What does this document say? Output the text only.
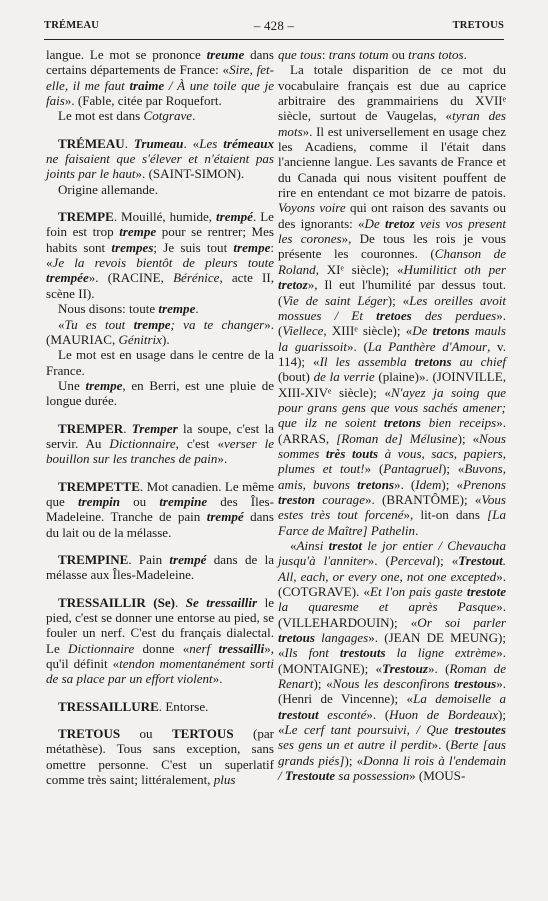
TRÉMEAU	– 428 –	TRETOUS

langue. Le mot se prononce treume dans certains départements de France: «Sire, fet-elle, il me faut traime / À une toile que je fais». (Fable, citée par Roquefort.

Le mot est dans Cotgrave.

TRÉMEAU. Trumeau. «Les trémeaux ne faisaient que s'élever et n'étaient pas joints par le haut». (SAINT-SIMON).

Origine allemande.

TREMPE. Mouillé, humide, trempé. Le foin est trop trempe pour se rentrer; Mes habits sont trempes; Je suis tout trempe: «Je la revois bientôt de pleurs toute trempée». (RACINE, Bérénice, acte II, scène II).

Nous disons: toute trempe.

«Tu es tout trempe; va te changer». (MAURIAC, Génitrix).

Le mot est en usage dans le centre de la France.

Une trempe, en Berri, est une pluie de longue durée.

TREMPER. Tremper la soupe, c'est la servir. Au Dictionnaire, c'est «verser le bouillon sur les tranches de pain».

TREMPETTE. Mot canadien. Le même que trempin ou trempine des Îles-Madeleine. Tranche de pain trempé dans du lait ou de la mélasse.

TREMPINE. Pain trempé dans de la mélasse aux Îles-Madeleine.

TRESSAILLIR (Se). Se tressaillir le pied, c'est se donner une entorse au pied, se fouler un nerf. C'est du français dialectal. Le Dictionnaire donne «nerf tressailli», qu'il définit «tendon momentanément sorti de sa place par un effort violent».

TRESSAILLURE. Entorse.

TRETOUS ou TERTOUS (par métathèse). Tous sans exception, sans omettre personne. C'est un superlatif comme très saint; littéralement, plus

que tous: trans totum ou trans totos.

La totale disparition de ce mot du vocabulaire français est due au caprice arbitraire des grammairiens du XVIIᵉ siècle, surtout de Vaugelas, «tyran des mots». Il est universellement en usage chez les Acadiens, comme il l'était dans l'ancienne langue. Les savants de France et du Canada qui nous visitent pouffent de rire en entendant ce mot bizarre de patois. Voyons voire qui ont raison des savants ou des ignorants: «De tretoz veis vos present les corones», De tous les rois je vous présente les couronnes. (Chanson de Roland, XIᵉ siècle); «Humilitict oth per tretoz», Il eut l'humilité par dessus tout. (Vie de saint Léger); «Les oreilles avoit mossues / Et tretoes des perdues». (Viellece, XIIIᵉ siècle); «De tretons mauls la guarissoit». (La Panthère d'Amour, v. 114); «Il les assembla tretons au chief (bout) de la verrie (plaine)». (JOINVILLE, XIII-XIVᵉ siècle); «N'ayez ja soing que pour grans gens que vous sachés amener; que ilz ne soient tretons bien receips». (ARRAS, [Roman de] Mélusine); «Nous sommes très touts à vous, sacs, papiers, plumes et tout!» (Pantagruel); «Buvons, amis, buvons tretons». (Idem); «Prenons treston courage». (BRANTÔME); «Vous estes très tout forcené», lit-on dans [La Farce de Maître] Pathelin.

«Ainsi trestot le jor entier / Chevaucha jusqu'à l'anniter». (Perceval); «Trestout. All, each, or every one, not one excepted». (COTGRAVE). «Et l'on pais gaste trestote la quaresme et après Pasque». (VILLEHARDOUIN); «Or soi parler tretous langages». (JEAN DE MEUNG); «Ils font trestouts la ligne extrème». (MONTAIGNE); «Trestouz». (Roman de Renart); «Nous les desconfirons trestous». (Henri de Vincenne); «La demoiselle a trestout esconté». (Huon de Bordeaux); «Le cerf tant poursuivi, / Que trestoutes ses gens un et autre il perdit». (Berte [aus grands piés]); «Donna li rois à l'endemain / Trestoute sa possession» (MOUS-
